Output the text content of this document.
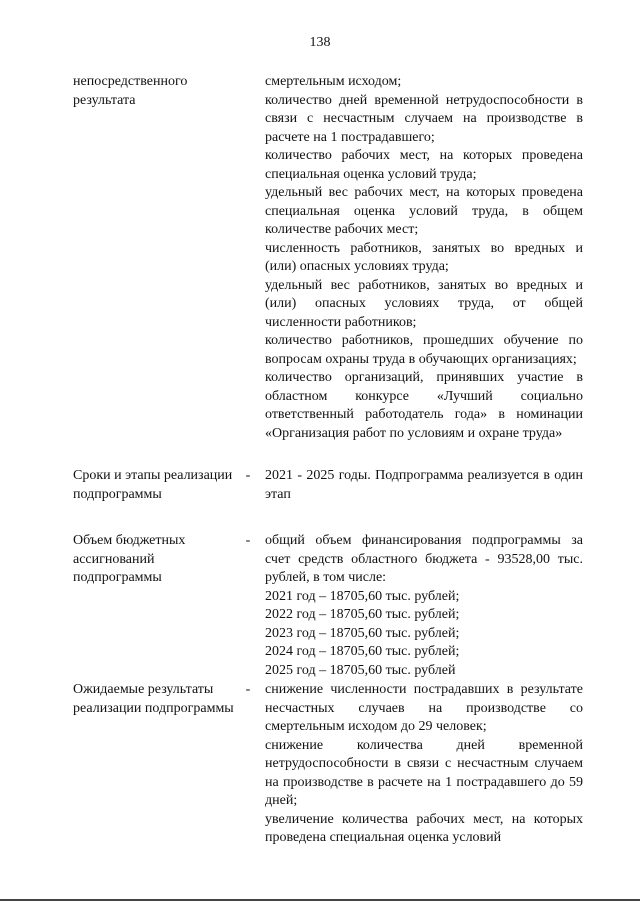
138
непосредственного результата
смертельным исходом;
количество дней временной нетрудоспособности в связи с несчастным случаем на производстве в расчете на 1 пострадавшего;
количество рабочих мест, на которых проведена специальная оценка условий труда;
удельный вес рабочих мест, на которых проведена специальная оценка условий труда, в общем количестве рабочих мест;
численность работников, занятых во вредных и (или) опасных условиях труда;
удельный вес работников, занятых во вредных и (или) опасных условиях труда, от общей численности работников;
количество работников, прошедших обучение по вопросам охраны труда в обучающих организациях;
количество организаций, принявших участие в областном конкурсе «Лучший социально ответственный работодатель года» в номинации «Организация работ по условиям и охране труда»
Сроки и этапы реализации подпрограммы
- 2021 - 2025 годы. Подпрограмма реализуется в один этап
Объем бюджетных ассигнований подпрограммы
- общий объем финансирования подпрограммы за счет средств областного бюджета - 93528,00 тыс. рублей, в том числе:
2021 год – 18705,60 тыс. рублей;
2022 год – 18705,60 тыс. рублей;
2023 год – 18705,60 тыс. рублей;
2024 год – 18705,60 тыс. рублей;
2025 год – 18705,60 тыс. рублей
Ожидаемые результаты реализации подпрограммы
- снижение численности пострадавших в результате несчастных случаев на производстве со смертельным исходом до 29 человек;
снижение количества дней временной нетрудоспособности в связи с несчастным случаем на производстве в расчете на 1 пострадавшего до 59 дней;
увеличение количества рабочих мест, на которых проведена специальная оценка условий
